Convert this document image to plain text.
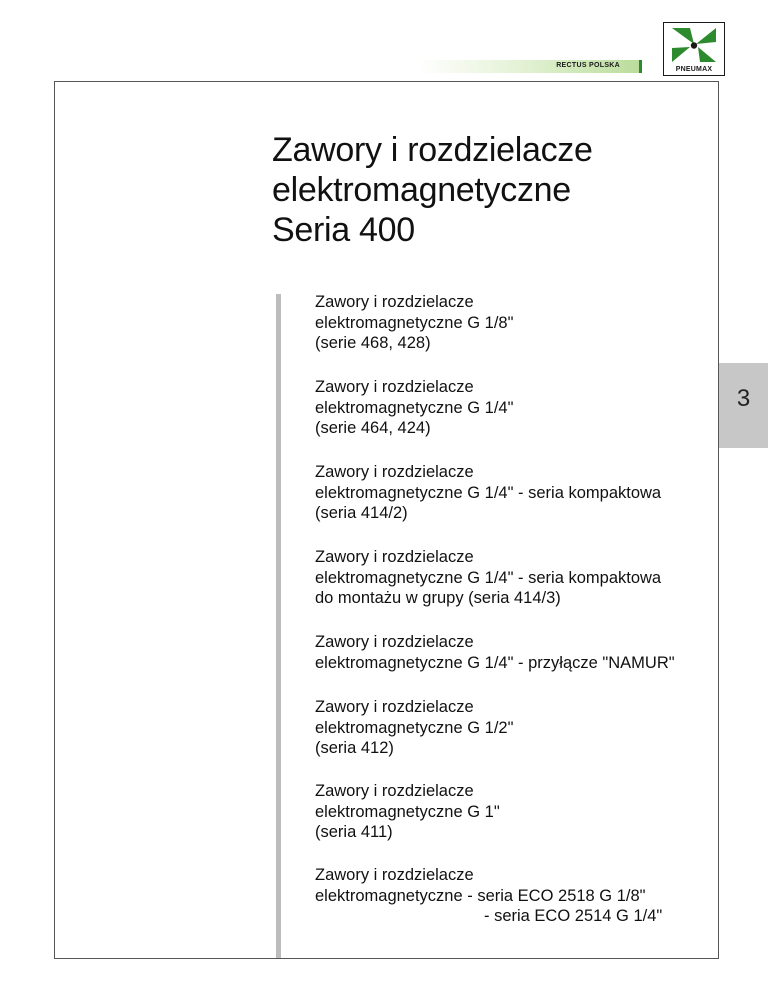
RECTUS POLSKA
PNEUMAX
Zawory i rozdzielacze
elektromagnetyczne
Seria 400
3
Zawory i rozdzielacze
elektromagnetyczne G 1/8"
(serie 468, 428)
Zawory i rozdzielacze
elektromagnetyczne G 1/4"
(serie 464, 424)
Zawory i rozdzielacze
elektromagnetyczne G 1/4" - seria kompaktowa
(seria 414/2)
Zawory i rozdzielacze
elektromagnetyczne G 1/4" - seria kompaktowa
do montażu w grupy (seria 414/3)
Zawory i rozdzielacze
elektromagnetyczne G 1/4" - przyłącze "NAMUR"
Zawory i rozdzielacze
elektromagnetyczne G 1/2"
(seria 412)
Zawory i rozdzielacze
elektromagnetyczne G 1"
(seria 411)
Zawory i rozdzielacze
elektromagnetyczne - seria ECO 2518 G 1/8"
- seria ECO 2514 G 1/4"
